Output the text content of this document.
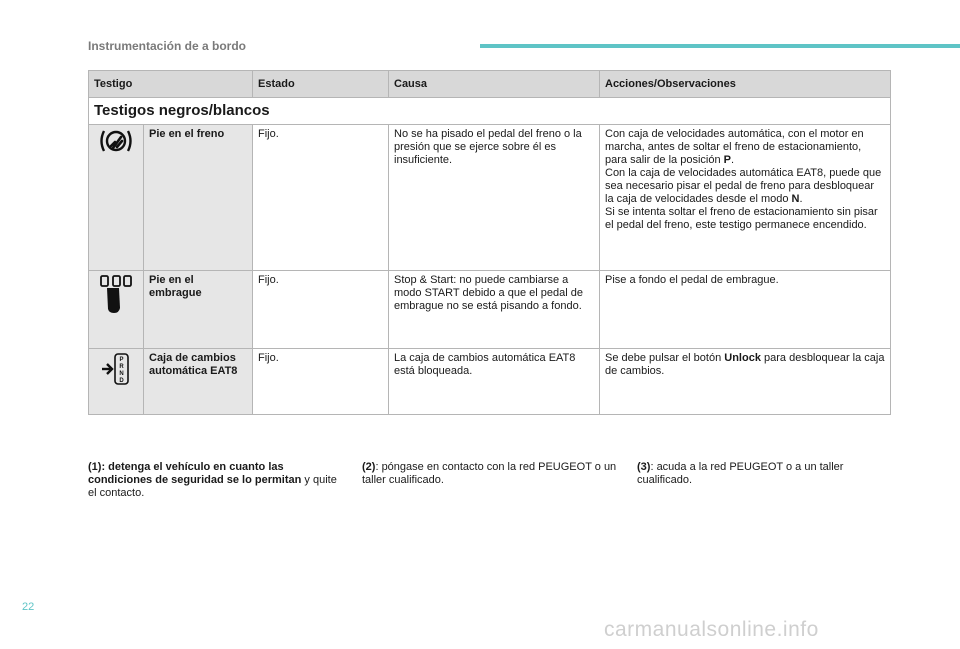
Instrumentación de a bordo
Testigo		Estado	Causa	Acciones/Observaciones
Testigos negros/blancos				

	Pie en el freno	Fijo.	No se ha pisado el pedal del freno o la presión que se ejerce sobre él es insuficiente.	Con caja de velocidades automática, con el motor en marcha, antes de soltar el freno de estacionamiento, para salir de la posición P.
Con la caja de velocidades automática EAT8, puede que sea necesario pisar el pedal de freno para desbloquear la caja de velocidades desde el modo N.
Si se intenta soltar el freno de estacionamiento sin pisar el pedal del freno, este testigo permanece encendido.

	Pie en el embrague	Fijo.	Stop & Start: no puede cambiarse a modo START debido a que el pedal de embrague no se está pisando a fondo.	Pise a fondo el pedal de embrague.

P R N D	Caja de cambios automática EAT8	Fijo.	La caja de cambios automática EAT8 está bloqueada.	Se debe pulsar el botón Unlock para desbloquear la caja de cambios.
(1): detenga el vehículo en cuanto las condiciones de seguridad se lo permitan y quite el contacto.
(2): póngase en contacto con la red PEUGEOT o un taller cualificado.
(3): acuda a la red PEUGEOT o a un taller cualificado.
22
carmanualsonline.info
